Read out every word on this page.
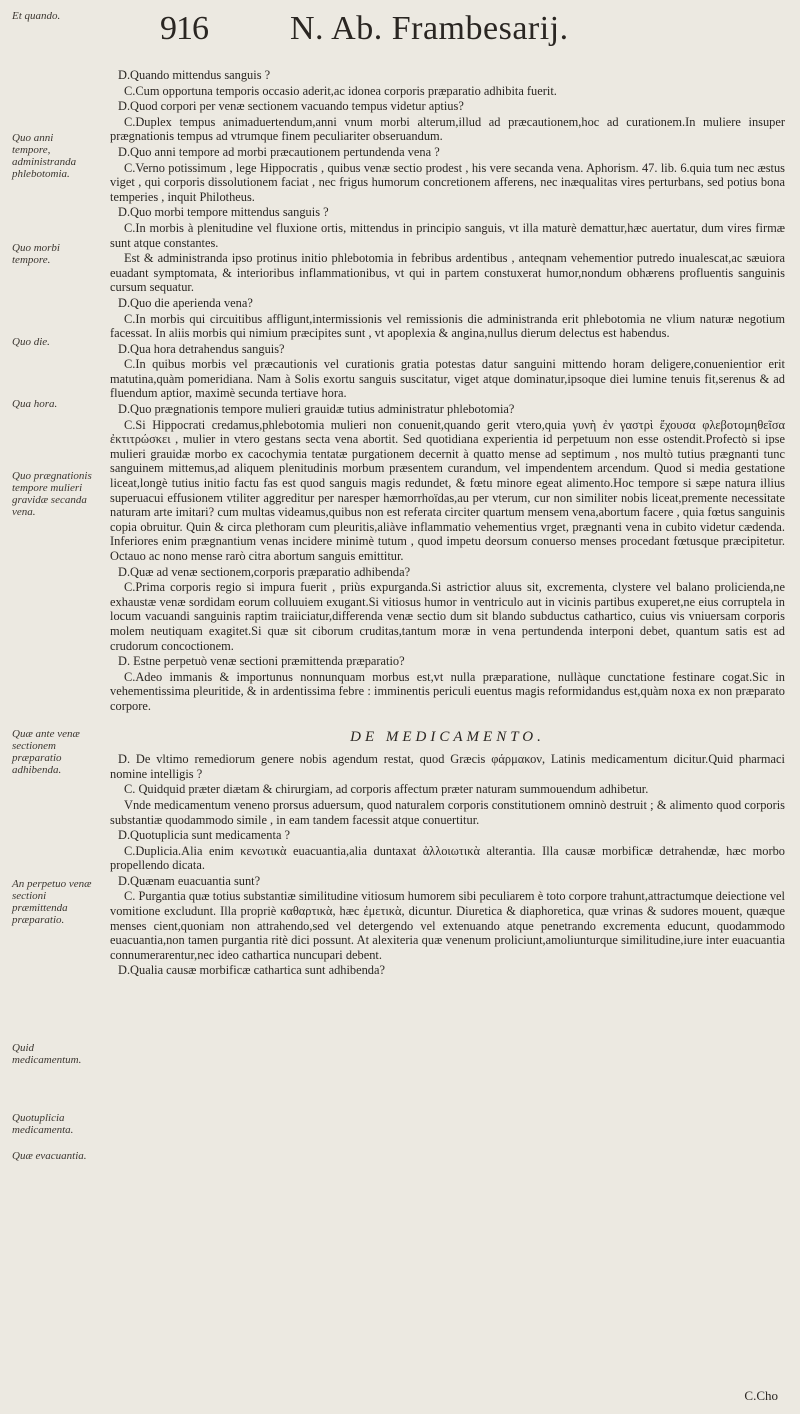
916 N. Ab. Frambesarij.
Et quando.
Quo anni tempore, administranda phlebotomia.
Quo morbi tempore.
Quo die.
Qua hora.
Quo prægnationis tempore mulieri gravidæ secanda vena.
Quæ ante venæ sectionem præparatio adhibenda.
An perpetuo venæ sectioni præmittenda præparatio.
Quid medicamentum.
Quotuplicia medicamenta.
Quæ evacuantia.

D.Quando mittendus sanguis ?

C.Cum opportuna temporis occasio aderit,ac idonea corporis præparatio adhibita fuerit.

D.Quod corpori per venæ sectionem vacuando tempus videtur aptius?

C.Duplex tempus animaduertendum,anni vnum morbi alterum,illud ad præcautionem,hoc ad curationem.In muliere insuper prægnationis tempus ad vtrumque finem peculiariter obseruandum.

D.Quo anni tempore ad morbi præcautionem pertundenda vena ?

C.Verno potissimum , lege Hippocratis , quibus venæ sectio prodest , his vere secanda vena. Aphorism. 47. lib. 6.quia tum nec æstus viget , qui corporis dissolutionem faciat , nec frigus humorum concretionem afferens, nec inæqualitas vires perturbans, sed potius bona temperies , inquit Philotheus.

D.Quo morbi tempore mittendus sanguis ?

C.In morbis à plenitudine vel fluxione ortis, mittendus in principio sanguis, vt illa maturè demattur,hæc auertatur, dum vires firmæ sunt atque constantes.

Est & administranda ipso protinus initio phlebotomia in febribus ardentibus , anteqnam vehementior putredo inualescat,ac sæuiora euadant symptomata, & interioribus inflammationibus, vt qui in partem constuxerat humor,nondum obhærens profluentis sanguinis cursum sequatur.

D.Quo die aperienda vena?

C.In morbis qui circuitibus affligunt,intermissionis vel remissionis die administranda erit phlebotomia ne vlium naturæ negotium facessat. In aliis morbis qui nimium præcipites sunt , vt apoplexia & angina,nullus dierum delectus est habendus.

D.Qua hora detrahendus sanguis?

C.In quibus morbis vel præcautionis vel curationis gratia potestas datur sanguini mittendo horam deligere,conuenientior erit matutina,quàm pomeridiana. Nam à Solis exortu sanguis suscitatur, viget atque dominatur,ipsoque diei lumine tenuis fit,serenus & ad fluendum aptior, maximè secunda tertiave hora.

D.Quo prægnationis tempore mulieri grauidæ tutius administratur phlebotomia?

C.Si Hippocrati credamus,phlebotomia mulieri non conuenit,quando gerit vtero,quia γυνὴ ἐν γαστρὶ ἔχουσα φλεβοτομηθεῖσα ἐκτιτρώσκει , mulier in vtero gestans secta vena abortit. Sed quotidiana experientia id perpetuum non esse ostendit.Profectò si ipse mulieri grauidæ morbo ex cacochymia tentatæ purgationem decernit à quatto mense ad septimum , nos multò tutius prægnanti tunc sanguinem mittemus,ad aliquem plenitudinis morbum præsentem curandum, vel impendentem arcendum. Quod si media gestatione liceat,longè tutius initio factu fas est quod sanguis magis redundet, & fœtu minore egeat alimento.Hoc tempore si sæpe natura illius superuacui effusionem vtiliter aggreditur per naresper hæmorrhoïdas,au per vterum, cur non similiter nobis liceat,premente necessitate naturam arte imitari? cum multas videamus,quibus non est referata circiter quartum mensem vena,abortum facere , quia fœtus sanguinis copia obruitur. Quin & circa plethoram cum pleuritis,aliàve inflammatio vehementius vrget, prægnanti vena in cubito videtur cædenda. Inferiores enim prægnantium venas incidere minimè tutum , quod impetu deorsum conuerso menses procedant fœtusque præcipitetur. Octauo ac nono mense rarò citra abortum sanguis emittitur.

D.Quæ ad venæ sectionem,corporis præparatio adhibenda?

C.Prima corporis regio si impura fuerit , priùs expurganda.Si astrictior aluus sit, excrementa, clystere vel balano prolicienda,ne exhaustæ venæ sordidam eorum colluuiem exugant.Si vitiosus humor in ventriculo aut in vicinis partibus exuperet,ne eius corruptela in locum vacuandi sanguinis raptim traiiciatur,differenda venæ sectio dum sit blando subductus cathartico, cuius vis vniuersam corporis molem neutiquam exagitet.Si quæ sit ciborum cruditas,tantum moræ in vena pertundenda interponi debet, quantum satis est ad crudorum concoctionem.

D. Estne perpetuò venæ sectioni præmittenda præparatio?

C.Adeo immanis & importunus nonnunquam morbus est,vt nulla præparatione, nullàque cunctatione festinare cogat.Sic in vehementissima pleuritide, & in ardentissima febre : imminentis periculi euentus magis reformidandus est,quàm noxa ex non præparato corpore.

DE MEDICAMENTO.

D. De vltimo remediorum genere nobis agendum restat, quod Græcis φάρμακον, Latinis medicamentum dicitur.Quid pharmaci nomine intelligis ?

C. Quidquid præter diætam & chirurgiam, ad corporis affectum præter naturam summouendum adhibetur.

Vnde medicamentum veneno prorsus aduersum, quod naturalem corporis constitutionem omninò destruit ; & alimento quod corporis substantiæ quodammodo simile , in eam tandem facessit atque conuertitur.

D.Quotuplicia sunt medicamenta ?

C.Duplicia.Alia enim κενωτικὰ euacuantia,alia duntaxat ἀλλοιωτικὰ alterantia. Illa causæ morbificæ detrahendæ, hæc morbo propellendo dicata.

D.Quænam euacuantia sunt?

C. Purgantia quæ totius substantiæ similitudine vitiosum humorem sibi peculiarem è toto corpore trahunt,attractumque deiectione vel vomitione excludunt. Illa propriè καθαρτικὰ, hæc ἐμετικὰ, dicuntur. Diuretica & diaphoretica, quæ vrinas & sudores mouent, quæque menses cient,quoniam non attrahendo,sed vel detergendo vel extenuando atque penetrando excrementa educunt, quodammodo euacuantia,non tamen purgantia ritè dici possunt. At alexiteria quæ venenum proliciunt,amoliunturque similitudine,iure inter euacuantia connumerarentur,nec ideo cathartica nuncupari debent.

D.Qualia causæ morbificæ cathartica sunt adhibenda?

C.Cho
